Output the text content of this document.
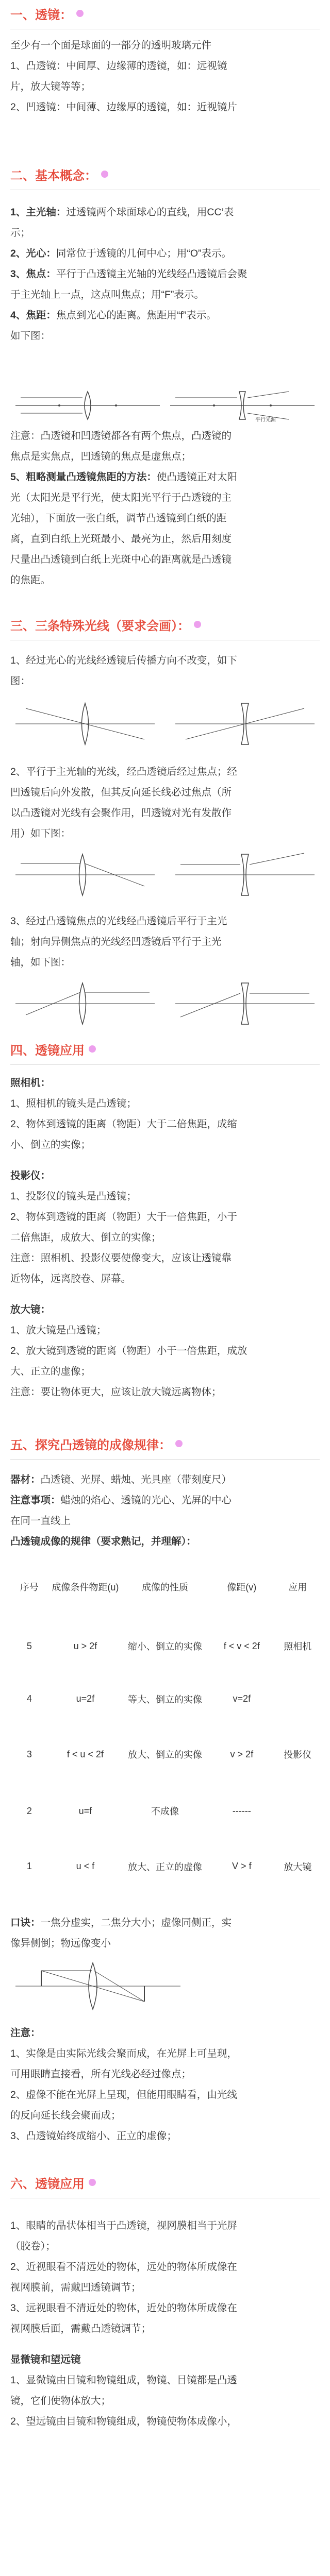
一、透镜：
至少有一个面是球面的一部分的透明玻璃元件
1、凸透镜：中间厚、边缘薄的透镜，如：远视镜
片，放大镜等等；
2、凹透镜：中间薄、边缘厚的透镜，如：近视镜片
二、基本概念：
1、主光轴：过透镜两个球面球心的直线，用CC’表
示；
2、光心：同常位于透镜的几何中心；用“O”表示。
3、焦点：平行于凸透镜主光轴的光线经凸透镜后会聚
于主光轴上一点，这点叫焦点；用“F”表示。
4、焦距：焦点到光心的距离。焦距用“f”表示。
如下图：
平行光源
注意：凸透镜和凹透镜都各有两个焦点，凸透镜的
焦点是实焦点，凹透镜的焦点是虚焦点；
5、粗略测量凸透镜焦距的方法：使凸透镜正对太阳
光（太阳光是平行光，使太阳光平行于凸透镜的主
光轴），下面放一张白纸，调节凸透镜到白纸的距
离，直到白纸上光斑最小、最亮为止，然后用刻度
尺量出凸透镜到白纸上光斑中心的距离就是凸透镜
的焦距。
三、三条特殊光线（要求会画）：
1、经过光心的光线经透镜后传播方向不改变，如下
图：
2、平行于主光轴的光线，经凸透镜后经过焦点；经
凹透镜后向外发散，但其反向延长线必过焦点（所
以凸透镜对光线有会聚作用，凹透镜对光有发散作
用）如下图：
3、经过凸透镜焦点的光线经凸透镜后平行于主光
轴；射向异侧焦点的光线经凹透镜后平行于主光
轴，如下图：
四、透镜应用
照相机：
1、照相机的镜头是凸透镜；
2、物体到透镜的距离（物距）大于二倍焦距，成缩
小、倒立的实像；
投影仪：
1、投影仪的镜头是凸透镜；
2、物体到透镜的距离（物距）大于一倍焦距，小于
二倍焦距，成放大、倒立的实像；
注意：照相机、投影仪要使像变大，应该让透镜靠
近物体，远离胶卷、屏幕。
放大镜：
1、放大镜是凸透镜；
2、放大镜到透镜的距离（物距）小于一倍焦距，成放
大、正立的虚像；
注意：要让物体更大，应该让放大镜远离物体；
五、探究凸透镜的成像规律：
器材：凸透镜、光屏、蜡烛、光具座（带刻度尺）
注意事项：蜡烛的焰心、透镜的光心、光屏的中心
在同一直线上
凸透镜成像的规律（要求熟记，并理解）：
序号	成像条件物距(u)	成像的性质	像距(v)	应用
5	u > 2f	缩小、倒立的实像	f < v < 2f	照相机
4	u=2f	等大、倒立的实像	v=2f	
3	f < u < 2f	放大、倒立的实像	v > 2f	投影仪
2	u=f	不成像	------	
1	u < f	放大、正立的虚像	V > f	放大镜
口诀：一焦分虚实，二焦分大小；虚像同侧正，实
像异侧倒；物远像变小
注意：
1、实像是由实际光线会聚而成，在光屏上可呈现，
可用眼睛直接看，所有光线必经过像点；
2、虚像不能在光屏上呈现，但能用眼睛看，由光线
的反向延长线会聚而成；
3、凸透镜始终成缩小、正立的虚像；
六、透镜应用
1、眼睛的晶状体相当于凸透镜，视网膜相当于光屏
（胶卷）；
2、近视眼看不清远处的物体，远处的物体所成像在
视网膜前，需戴凹透镜调节；
3、远视眼看不清近处的物体，近处的物体所成像在
视网膜后面，需戴凸透镜调节；
显微镜和望远镜
1、显微镜由目镜和物镜组成，物镜、目镜都是凸透
镜，它们使物体放大；
2、望远镜由目镜和物镜组成，物镜使物体成像小，
